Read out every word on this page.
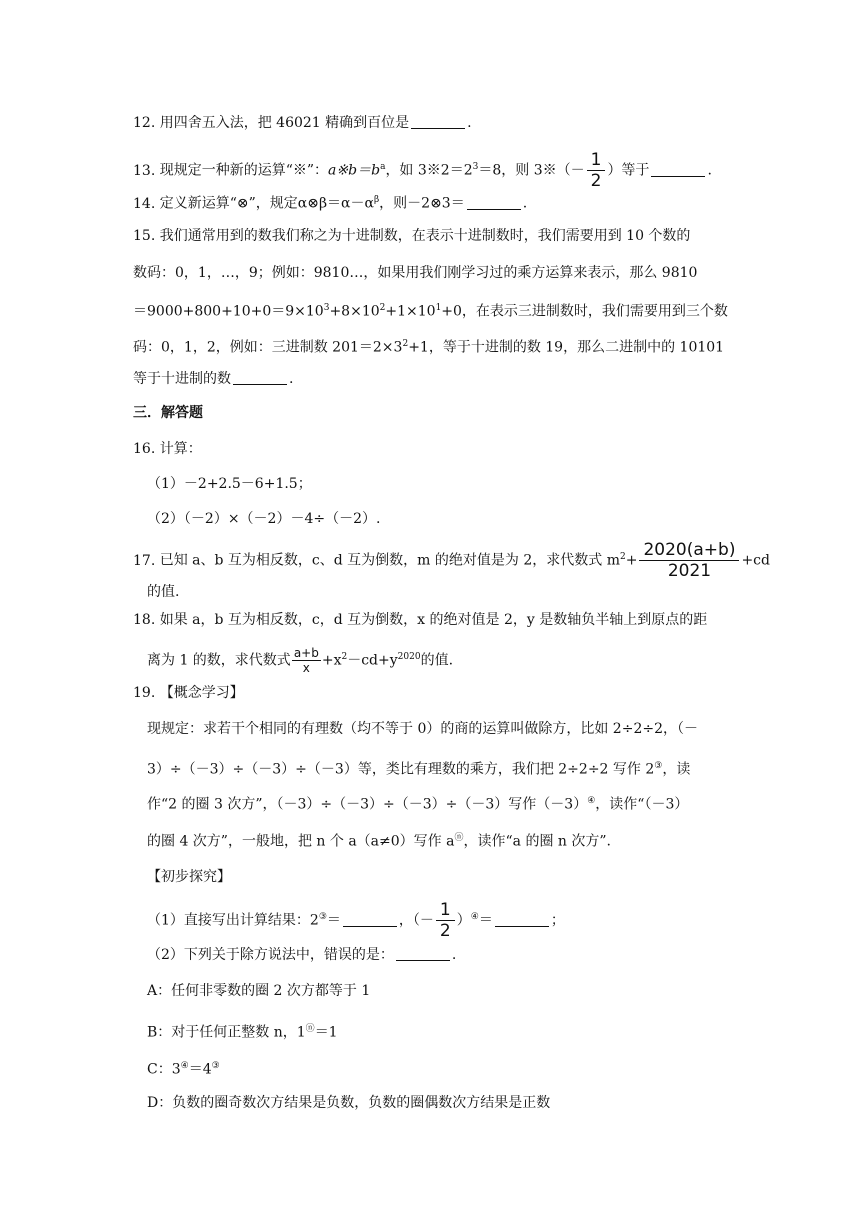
12. 用四舍五入法，把 46021 精确到百位是	.
13. 现规定一种新的运算“※”：$a※b=b^a$，如 $3※2=2^3=8$，则 3※（－ $\frac{1}{2}$ ）等于	.
14. 定义新运算“⊗”，规定$\alpha\otimes\beta=\alpha-\alpha^\beta$，则－2⊗3＝	.
15. 我们通常用到的数我们称之为十进制数，在表示十进制数时，我们需要用到 10 个数的
数码：0，1，…，9；例如：9810…，如果用我们刚学习过的乘方运算来表示，那么 9810
$=9000+800+10+0=9\times 10^3+8\times 10^2+1\times 10^1+0$，在表示三进制数时，我们需要用到三个数
码：0，1，2，例如：三进制数 $201=2\times 3^2+1$，等于十进制的数 19，那么二进制中的 10101
等于十进制的数	.
三．解答题
16. 计算：
（1）－2+2.5－6+1.5；
（2）（－2）×（－2）－4÷（－2）.
17. 已知 a、b 互为相反数，c、d 互为倒数，m 的绝对值是为 2，求代数式 $m^2+ \frac{2020(a+b)}{2021} +cd$
的值.
18. 如果 a，b 互为相反数，c，d 互为倒数，x 的绝对值是 2，y 是数轴负半轴上到原点的距
离为 1 的数，求代数式 $\frac{a+b}{x} +x^2-cd+y^{2020}$的值.
19. 【概念学习】
现规定：求若干个相同的有理数（均不等于 0）的商的运算叫做除方，比如 2÷2÷2，（－
3）÷（－3）÷（－3）÷（－3）等，类比有理数的乘方，我们把 2÷2÷2 写作 2③，读
作“2 的圈 3 次方”，（－3）÷（－3）÷（－3）÷（－3）写作（－3）④，读作“（－3）
的圈 4 次方”，一般地，把 n 个 a（a≠0）写作 aⓝ，读作“a 的圈 n 次方”.
【初步探究】
（1）直接写出计算结果：2③＝	，（－ $\frac{1}{2} )^④=$	；
（2）下列关于除方说法中，错误的是：	.
A：任何非零数的圈 2 次方都等于 1
B：对于任何正整数 n，1ⓝ＝1
C：3④＝4③
D：负数的圈奇数次方结果是负数，负数的圈偶数次方结果是正数
